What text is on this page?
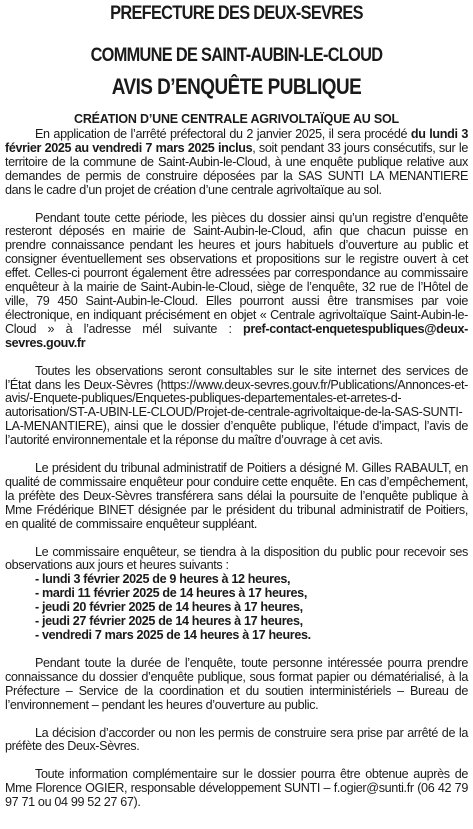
PREFECTURE DES DEUX-SEVRES
COMMUNE DE SAINT-AUBIN-LE-CLOUD
AVIS D’ENQUÊTE PUBLIQUE
CRÉATION D’UNE CENTRALE AGRIVOLTAÏQUE AU SOL

En application de l’arrêté préfectoral du 2 janvier 2025, il sera procédé du lundi 3 février 2025 au vendredi 7 mars 2025 inclus, soit pendant 33 jours consécutifs, sur le territoire de la commune de Saint-Aubin-le-Cloud, à une enquête publique relative aux demandes de permis de construire déposées par la SAS SUNTI LA MENANTIERE dans le cadre d’un projet de création d’une centrale agrivoltaïque au sol.

Pendant toute cette période, les pièces du dossier ainsi qu’un registre d’enquête resteront déposés en mairie de Saint-Aubin-le-Cloud, afin que chacun puisse en prendre connaissance pendant les heures et jours habituels d’ouverture au public et consigner éventuellement ses observations et propositions sur le registre ouvert à cet effet. Celles-ci pourront également être adressées par correspondance au commissaire enquêteur à la mairie de Saint-Aubin-le-Cloud, siège de l’enquête, 32 rue de l’Hôtel de ville, 79 450 Saint-Aubin-le-Cloud. Elles pourront aussi être transmises par voie électronique, en indiquant précisément en objet « Centrale agrivoltaïque Saint-Aubin-le-Cloud » à l’adresse mél suivante : pref-contact-enquetespubliques@deux-sevres.gouv.fr

Toutes les observations seront consultables sur le site internet des services de l’État dans les Deux-Sèvres (https://www.deux-sevres.gouv.fr/Publications/Annonces-et-avis/-Enquete-publiques/Enquetes-publiques-departementales-et-arretes-d-autorisation/ST-A-UBIN-LE-CLOUD/Projet-de-centrale-agrivoltaique-de-la-SAS-SUNTI-LA-MENANTIERE), ainsi que le dossier d’enquête publique, l’étude d’impact, l’avis de l’autorité environnementale et la réponse du maître d’ouvrage à cet avis.

Le président du tribunal administratif de Poitiers a désigné M. Gilles RABAULT, en qualité de commissaire enquêteur pour conduire cette enquête. En cas d’empêchement, la préfète des Deux-Sèvres transférera sans délai la poursuite de l’enquête publique à Mme Frédérique BINET désignée par le président du tribunal administratif de Poitiers, en qualité de commissaire enquêteur suppléant.

Le commissaire enquêteur, se tiendra à la disposition du public pour recevoir ses observations aux jours et heures suivants :

- lundi 3 février 2025 de 9 heures à 12 heures,
- mardi 11 février 2025 de 14 heures à 17 heures,
- jeudi 20 février 2025 de 14 heures à 17 heures,
- jeudi 27 février 2025 de 14 heures à 17 heures,
- vendredi 7 mars 2025 de 14 heures à 17 heures.

Pendant toute la durée de l’enquête, toute personne intéressée pourra prendre connaissance du dossier d’enquête publique, sous format papier ou dématérialisé, à la Préfecture – Service de la coordination et du soutien interministériels – Bureau de l’environnement – pendant les heures d’ouverture au public.

La décision d’accorder ou non les permis de construire sera prise par arrêté de la préfète des Deux-Sèvres.

Toute information complémentaire sur le dossier pourra être obtenue auprès de Mme Florence OGIER, responsable développement SUNTI – f.ogier@sunti.fr (06 42 79 97 71 ou 04 99 52 27 67).
